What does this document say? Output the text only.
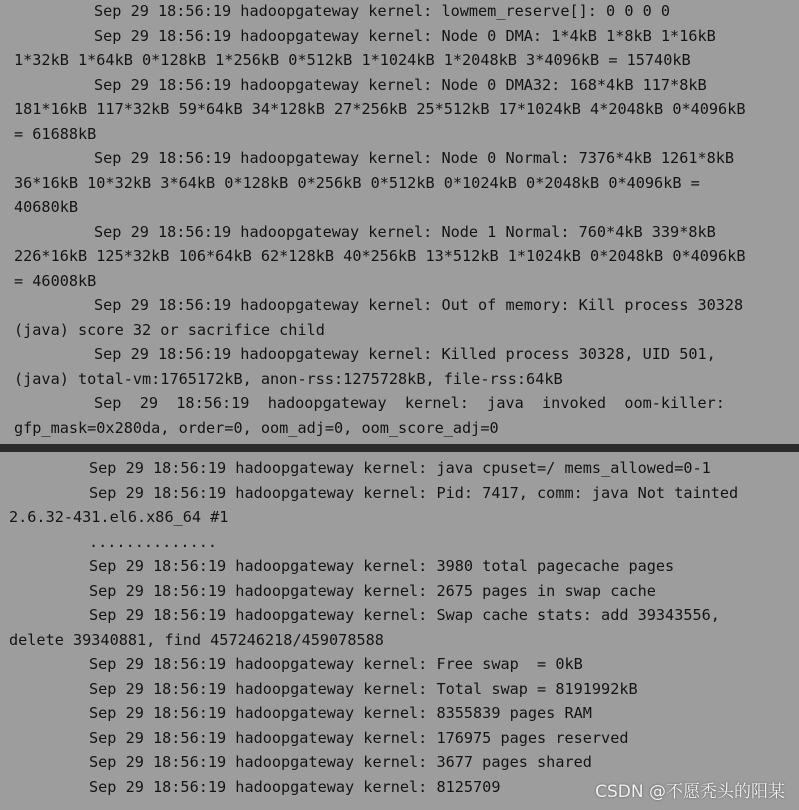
Sep 29 18:56:19 hadoopgateway kernel: lowmem_reserve[]: 0 0 0 0
Sep 29 18:56:19 hadoopgateway kernel: Node 0 DMA: 1*4kB 1*8kB 1*16kB
1*32kB 1*64kB 0*128kB 1*256kB 0*512kB 1*1024kB 1*2048kB 3*4096kB = 15740kB
Sep 29 18:56:19 hadoopgateway kernel: Node 0 DMA32: 168*4kB 117*8kB
181*16kB 117*32kB 59*64kB 34*128kB 27*256kB 25*512kB 17*1024kB 4*2048kB 0*4096kB
= 61688kB
Sep 29 18:56:19 hadoopgateway kernel: Node 0 Normal: 7376*4kB 1261*8kB
36*16kB 10*32kB 3*64kB 0*128kB 0*256kB 0*512kB 0*1024kB 0*2048kB 0*4096kB =
40680kB
Sep 29 18:56:19 hadoopgateway kernel: Node 1 Normal: 760*4kB 339*8kB
226*16kB 125*32kB 106*64kB 62*128kB 40*256kB 13*512kB 1*1024kB 0*2048kB 0*4096kB
= 46008kB
Sep 29 18:56:19 hadoopgateway kernel: Out of memory: Kill process 30328
(java) score 32 or sacrifice child
Sep 29 18:56:19 hadoopgateway kernel: Killed process 30328, UID 501,
(java) total-vm:1765172kB, anon-rss:1275728kB, file-rss:64kB
Sep  29  18:56:19  hadoopgateway  kernel:  java  invoked  oom-killer:
gfp_mask=0x280da, order=0, oom_adj=0, oom_score_adj=0
Sep 29 18:56:19 hadoopgateway kernel: java cpuset=/ mems_allowed=0-1
Sep 29 18:56:19 hadoopgateway kernel: Pid: 7417, comm: java Not tainted
2.6.32-431.el6.x86_64 #1
..............
Sep 29 18:56:19 hadoopgateway kernel: 3980 total pagecache pages
Sep 29 18:56:19 hadoopgateway kernel: 2675 pages in swap cache
Sep 29 18:56:19 hadoopgateway kernel: Swap cache stats: add 39343556,
delete 39340881, find 457246218/459078588
Sep 29 18:56:19 hadoopgateway kernel: Free swap  = 0kB
Sep 29 18:56:19 hadoopgateway kernel: Total swap = 8191992kB
Sep 29 18:56:19 hadoopgateway kernel: 8355839 pages RAM
Sep 29 18:56:19 hadoopgateway kernel: 176975 pages reserved
Sep 29 18:56:19 hadoopgateway kernel: 3677 pages shared
Sep 29 18:56:19 hadoopgateway kernel: 8125709	CSDN @不愿秃头的阳某
